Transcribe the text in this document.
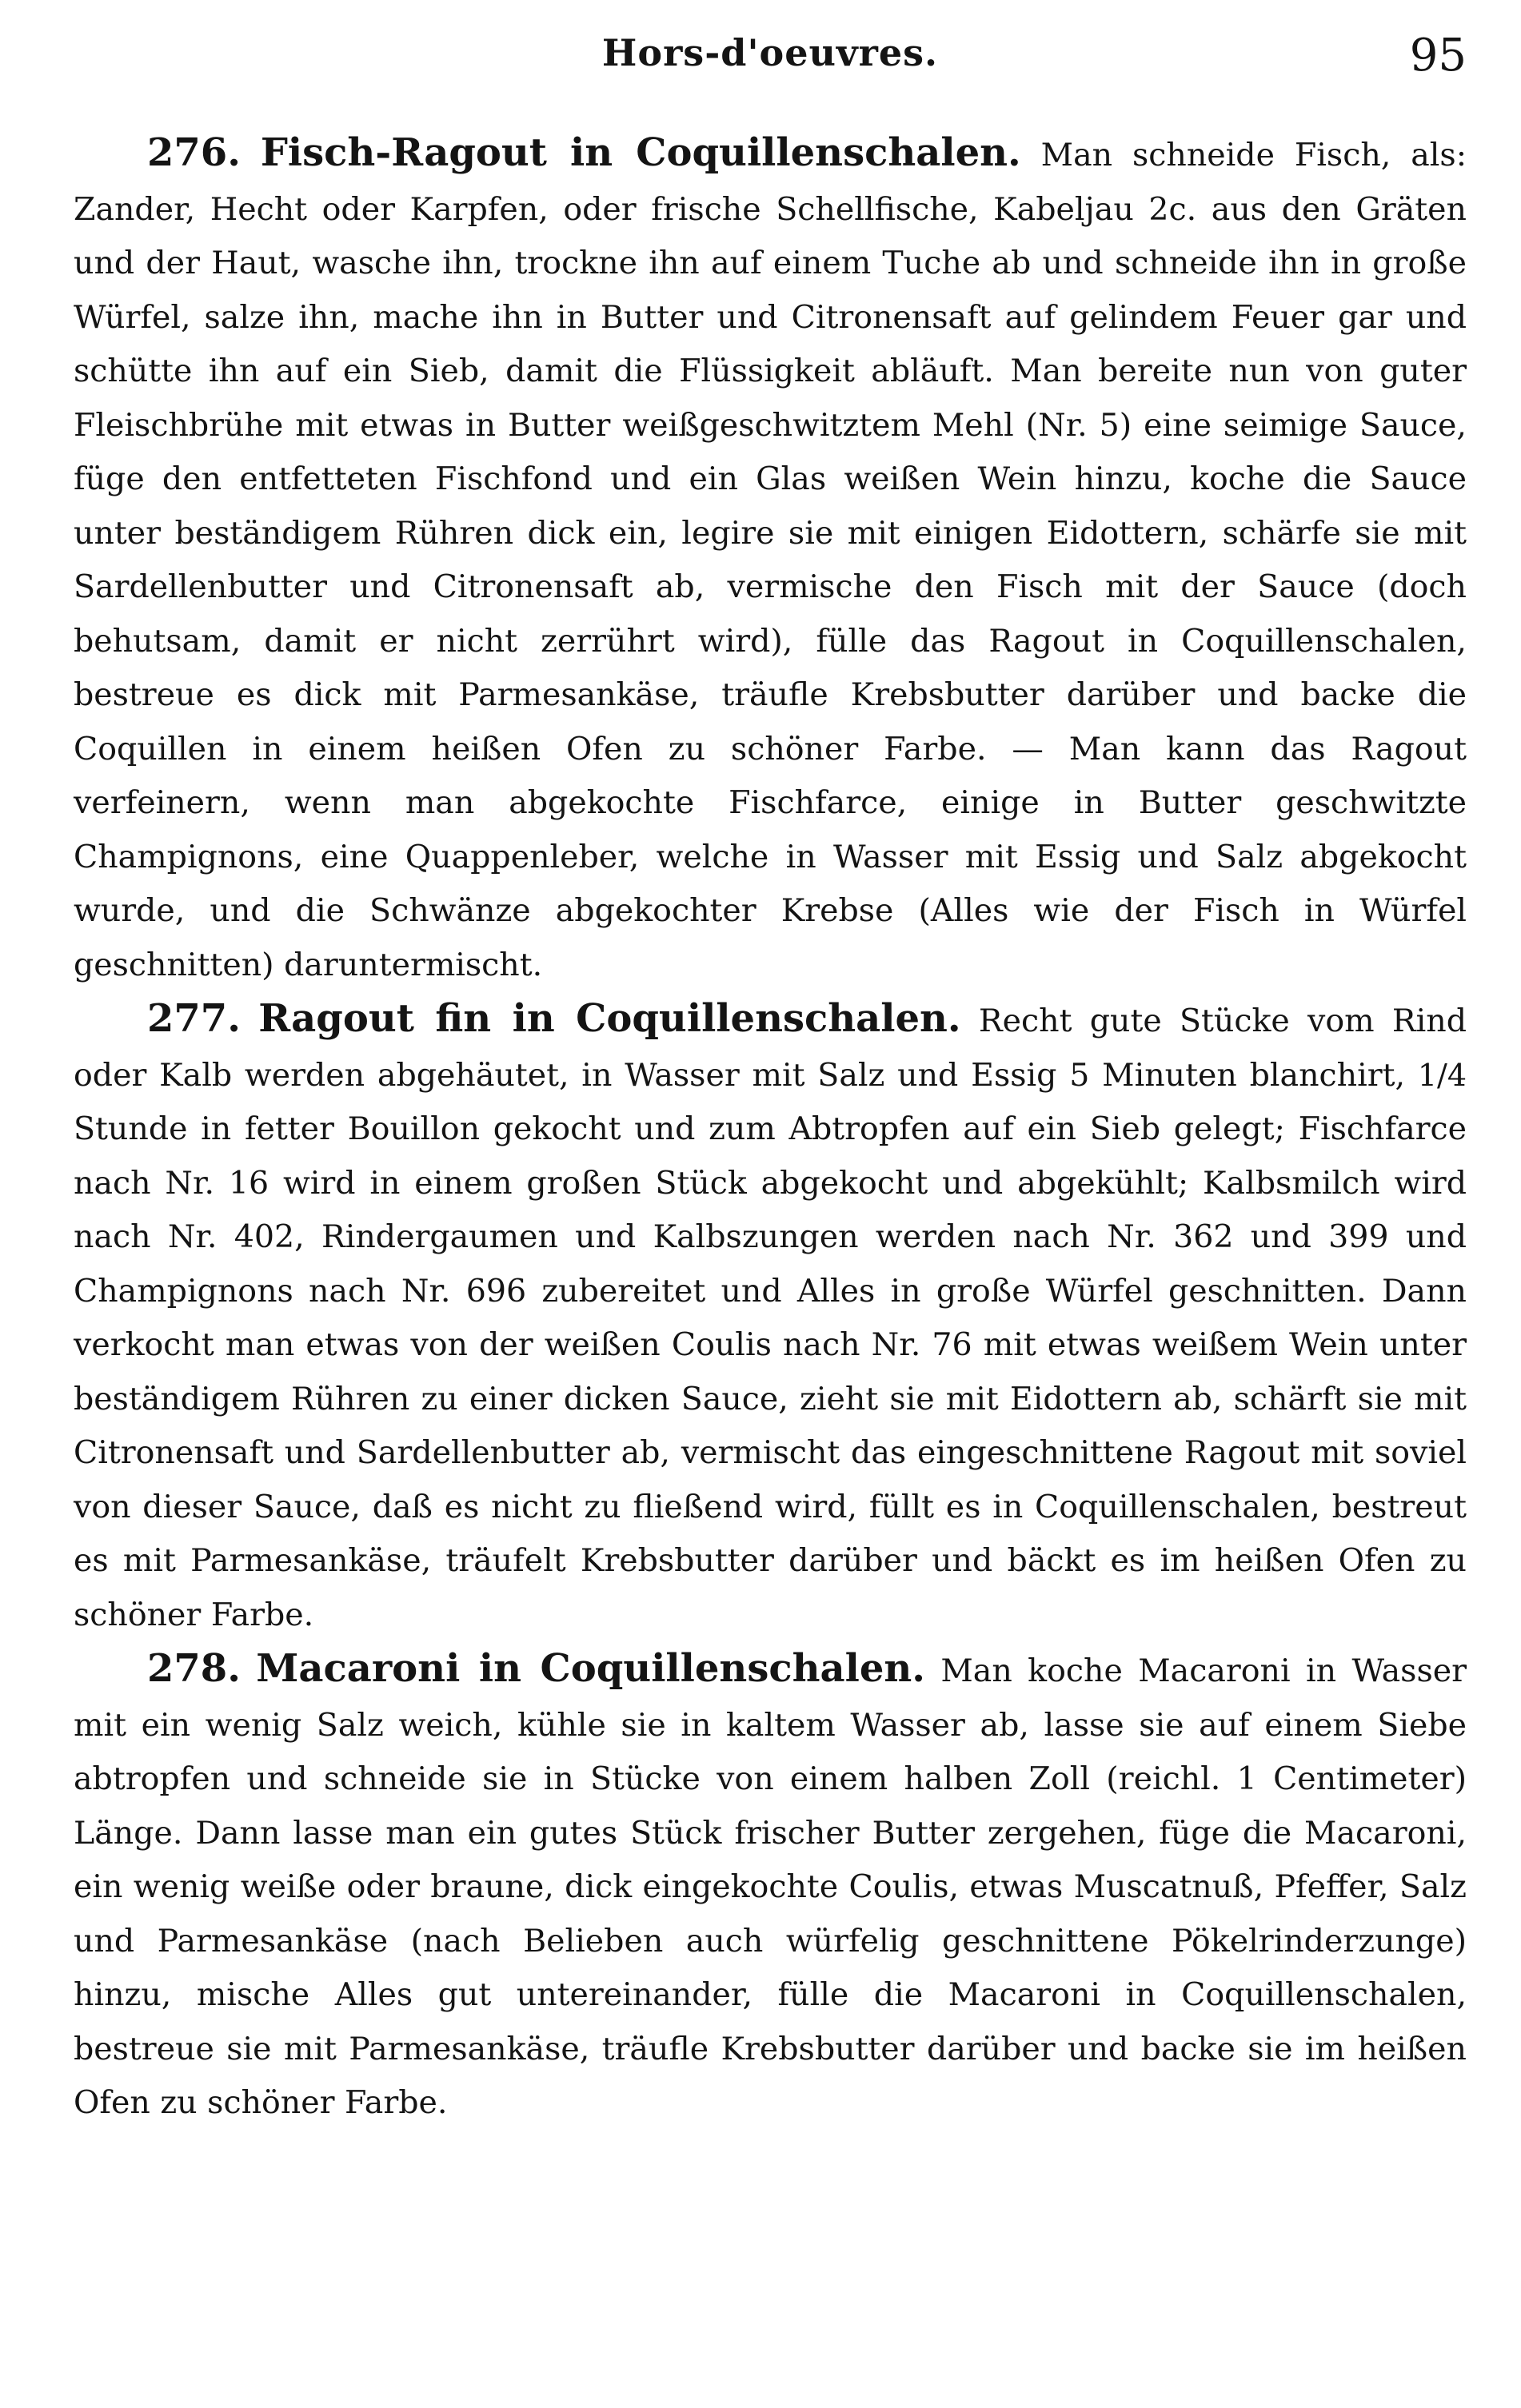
Hors-d'oeuvres.	95

276. Fisch-Ragout in Coquillenschalen. Man schneide Fisch, als: Zander, Hecht oder Karpfen, oder frische Schellfische, Kabeljau 2c. aus den Gräten und der Haut, wasche ihn, trockne ihn auf einem Tuche ab und schneide ihn in große Würfel, salze ihn, mache ihn in Butter und Citronensaft auf gelindem Feuer gar und schütte ihn auf ein Sieb, damit die Flüssigkeit abläuft. Man bereite nun von guter Fleischbrühe mit etwas in Butter weißgeschwitztem Mehl (Nr. 5) eine seimige Sauce, füge den entfetteten Fischfond und ein Glas weißen Wein hinzu, koche die Sauce unter beständigem Rühren dick ein, legire sie mit einigen Eidottern, schärfe sie mit Sardellenbutter und Citronensaft ab, vermische den Fisch mit der Sauce (doch behutsam, damit er nicht zerrührt wird), fülle das Ragout in Coquillenschalen, bestreue es dick mit Parmesankäse, träufle Krebsbutter darüber und backe die Coquillen in einem heißen Ofen zu schöner Farbe. — Man kann das Ragout verfeinern, wenn man abgekochte Fischfarce, einige in Butter geschwitzte Champignons, eine Quappenleber, welche in Wasser mit Essig und Salz abgekocht wurde, und die Schwänze abgekochter Krebse (Alles wie der Fisch in Würfel geschnitten) daruntermischt.

277. Ragout fin in Coquillenschalen. Recht gute Stücke vom Rind oder Kalb werden abgehäutet, in Wasser mit Salz und Essig 5 Minuten blanchirt, 1/4 Stunde in fetter Bouillon gekocht und zum Abtropfen auf ein Sieb gelegt; Fischfarce nach Nr. 16 wird in einem großen Stück abgekocht und abgekühlt; Kalbsmilch wird nach Nr. 402, Rindergaumen und Kalbszungen werden nach Nr. 362 und 399 und Champignons nach Nr. 696 zubereitet und Alles in große Würfel geschnitten. Dann verkocht man etwas von der weißen Coulis nach Nr. 76 mit etwas weißem Wein unter beständigem Rühren zu einer dicken Sauce, zieht sie mit Eidottern ab, schärft sie mit Citronensaft und Sardellenbutter ab, vermischt das eingeschnittene Ragout mit soviel von dieser Sauce, daß es nicht zu fließend wird, füllt es in Coquillenschalen, bestreut es mit Parmesankäse, träufelt Krebsbutter darüber und bäckt es im heißen Ofen zu schöner Farbe.

278. Macaroni in Coquillenschalen. Man koche Macaroni in Wasser mit ein wenig Salz weich, kühle sie in kaltem Wasser ab, lasse sie auf einem Siebe abtropfen und schneide sie in Stücke von einem halben Zoll (reichl. 1 Centimeter) Länge. Dann lasse man ein gutes Stück frischer Butter zergehen, füge die Macaroni, ein wenig weiße oder braune, dick eingekochte Coulis, etwas Muscatnuß, Pfeffer, Salz und Parmesankäse (nach Belieben auch würfelig geschnittene Pökelrinderzunge) hinzu, mische Alles gut untereinander, fülle die Macaroni in Coquillenschalen, bestreue sie mit Parmesankäse, träufle Krebsbutter darüber und backe sie im heißen Ofen zu schöner Farbe.
